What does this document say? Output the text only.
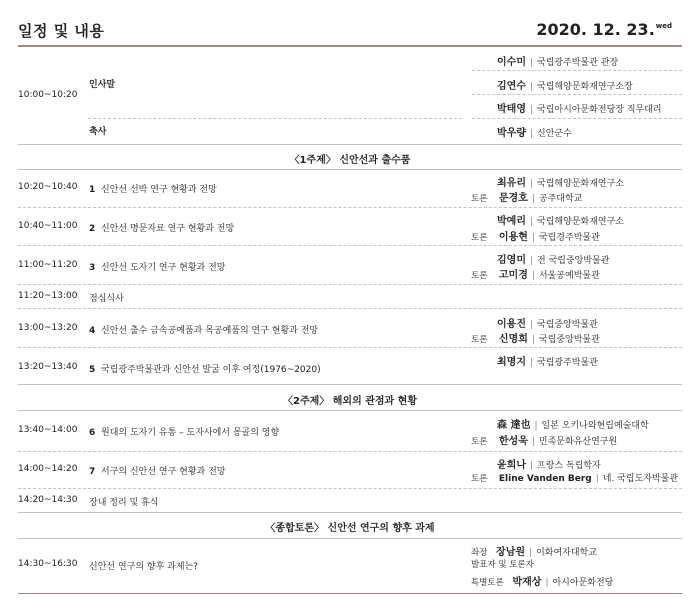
일정 및 내용	2020. 12. 23.$^{wed}$
10:00~10:20
인사말
축사
이수미 | 국립광주박물관 관장
김연수 | 국립해양문화재연구소장
박태영 | 국립아시아문화전당장 직무대리
박우량 | 신안군수
〈1주제〉 신안선과 출수품
10:20~10:40 1 신안선 선박 연구 현황과 전망
최유리 | 국립해양문화재연구소
토론 문경호 | 공주대학교
10:40~11:00 2 신안선 명문자료 연구 현황과 전망
박예리 | 국립해양문화재연구소
토론 이용현 | 국립경주박물관
11:00~11:20 3 신안선 도자기 연구 현황과 전망
김영미 | 전 국립중앙박물관
토론 고미경 | 서울공예박물관
11:20~13:00 점심식사
13:00~13:20 4 신안선 출수 금속공예품과 목공예품의 연구 현황과 전망
이용진 | 국립중앙박물관
토론 신명희 | 국립중앙박물관
13:20~13:40 5 국립광주박물관과 신안선 발굴 이후 여정(1976~2020)
최명지 | 국립광주박물관
〈2주제〉 해외의 관점과 현황
13:40~14:00 6 원대의 도자기 유통 – 도자사에서 몽골의 영향
森 達也 | 일본 오키나와현립예술대학
토론 한성욱 | 민족문화유산연구원
14:00~14:20 7 서구의 신안선 연구 현황과 전망
윤희나 | 프랑스 독립학자
토론 Eline Vanden Berg | 네. 국립도자박물관
14:20~14:30 장내 정리 및 휴식
〈종합토론〉 신안선 연구의 향후 과제
14:30~16:30 신안선 연구의 향후 과제는?
좌장 장남원 | 이화여자대학교
발표자 및 토론자
특별토론 박재상 | 아시아문화전당
